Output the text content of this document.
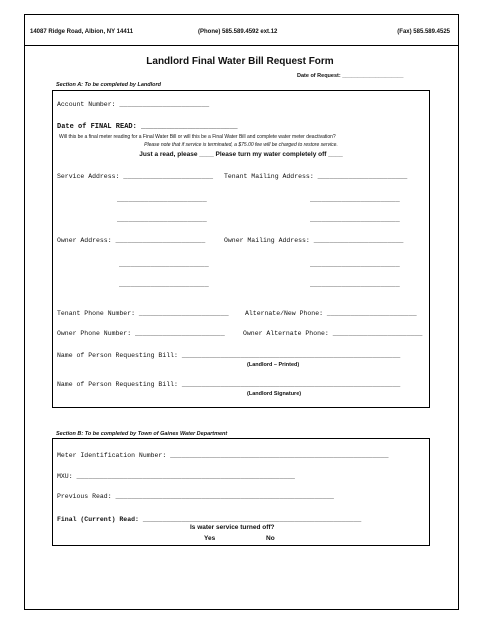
14087 Ridge Road, Albion, NY 14411	(Phone) 585.589.4592 ext.12	(Fax) 585.589.4525
Landlord Final Water Bill Request Form
Date of Request: ____________________
Section A: To be completed by Landlord
Account Number: _______________________
Date of FINAL READ: _______________________
Will this be a final meter reading for a Final Water Bill or will this be a Final Water Bill and complete water meter deactivation?
Please note that if service is terminated, a $75.00 fee will be charged to restore service.
Just a read, please ____ Please turn my water completely off ____
Service Address: _______________________ Tenant Mailing Address: _______________________
_______________________	_______________________
_______________________	_______________________
Owner Address: _______________________	Owner Mailing Address: _______________________
_______________________	_______________________
_______________________	_______________________
Tenant Phone Number: _______________________	Alternate/New Phone: _______________________
Owner Phone Number: _______________________	Owner Alternate Phone: _______________________
Name of Person Requesting Bill: ________________________________________________________
(Landlord – Printed)
Name of Person Requesting Bill: ________________________________________________________
(Landlord Signature)
Section B: To be completed by Town of Gaines Water Department
Meter Identification Number: ________________________________________________________
MXU: ________________________________________________________
Previous Read: ________________________________________________________
Final (Current) Read: ________________________________________________________
Is water service turned off?
Yes	No
